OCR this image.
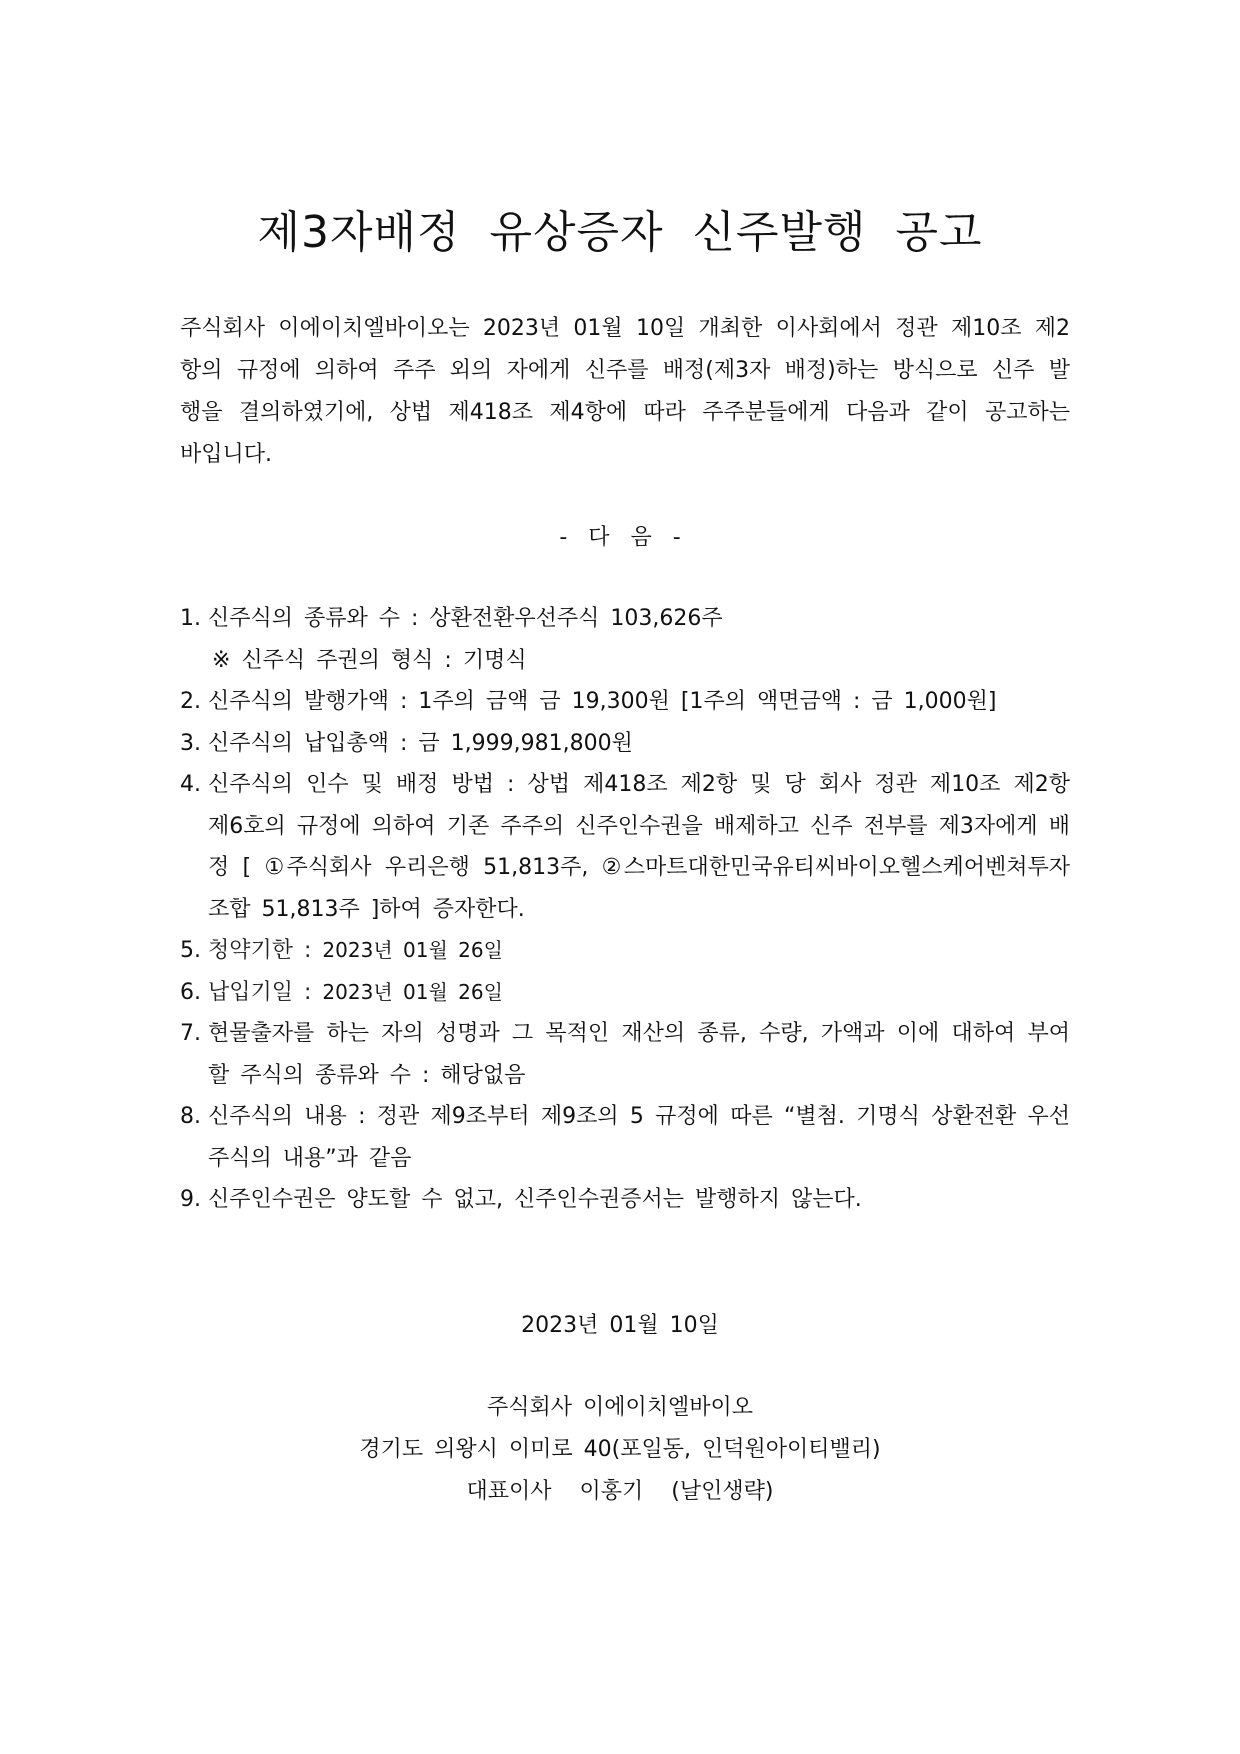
제3자배정 유상증자 신주발행 공고

주식회사 이에이치엘바이오는 2023년 01월 10일 개최한 이사회에서 정관 제10조 제2항의 규정에 의하여 주주 외의 자에게 신주를 배정(제3자 배정)하는 방식으로 신주 발행을 결의하였기에, 상법 제418조 제4항에 따라 주주분들에게 다음과 같이 공고하는 바입니다.

- 다 음 -

1. 신주식의 종류와 수 : 상환전환우선주식 103,626주
※ 신주식 주권의 형식 : 기명식
2. 신주식의 발행가액 : 1주의 금액 금 19,300원 [1주의 액면금액 : 금 1,000원]
3. 신주식의 납입총액 : 금 1,999,981,800원
4. 신주식의 인수 및 배정 방법 : 상법 제418조 제2항 및 당 회사 정관 제10조 제2항 제6호의 규정에 의하여 기존 주주의 신주인수권을 배제하고 신주 전부를 제3자에게 배정 [ ①주식회사 우리은행 51,813주, ②스마트대한민국유티씨바이오헬스케어벤쳐투자조합 51,813주 ]하여 증자한다.
5. 청약기한 : 2023년 01월 26일
6. 납입기일 : 2023년 01월 26일
7. 현물출자를 하는 자의 성명과 그 목적인 재산의 종류, 수량, 가액과 이에 대하여 부여할 주식의 종류와 수 : 해당없음
8. 신주식의 내용 : 정관 제9조부터 제9조의 5 규정에 따른 “별첨. 기명식 상환전환 우선주식의 내용”과 같음
9. 신주인수권은 양도할 수 없고, 신주인수권증서는 발행하지 않는다.

2023년 01월 10일

주식회사 이에이치엘바이오

경기도 의왕시 이미로 40(포일동, 인덕원아이티밸리)

대표이사 이홍기 (날인생략)
